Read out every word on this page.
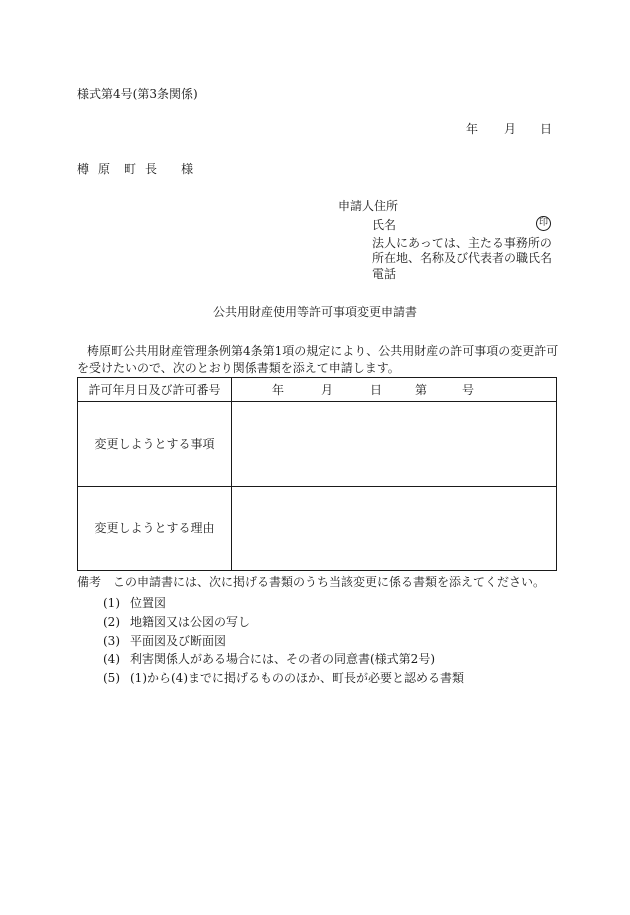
様式第4号(第3条関係)
年 月 日
樽 原 町 長 様
申請人住所
氏名	印
法人にあっては、主たる事務所の
所在地、名称及び代表者の職氏名
電話
公共用財産使用等許可事項変更申請書
梼原町公共用財産管理条例第4条第1項の規定により、公共用財産の許可事項の変更許可
を受けたいので、次のとおり関係書類を添えて申請します。
許可年月日及び許可番号	年	月	日	第	号
変更しようとする事項
変更しようとする理由
備考　この申請書には、次に掲げる書類のうち当該変更に係る書類を添えてください。
(1) 位置図
(2) 地籍図又は公図の写し
(3) 平面図及び断面図
(4) 利害関係人がある場合には、その者の同意書(様式第2号)
(5) (1)から(4)までに掲げるもののほか、町長が必要と認める書類
